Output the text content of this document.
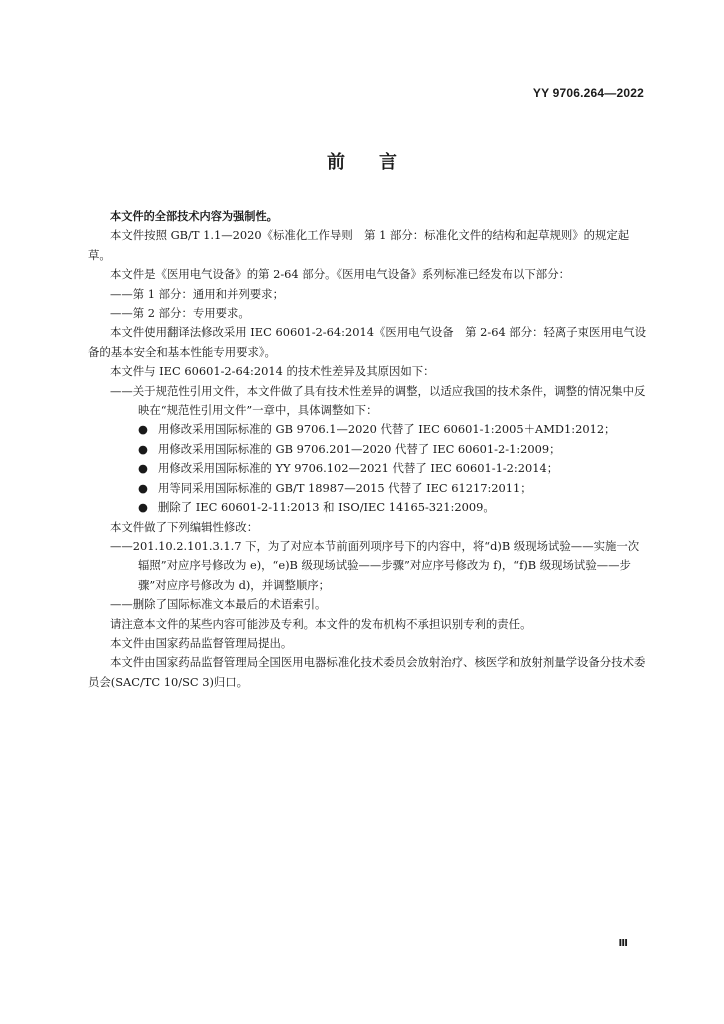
YY 9706.264—2022
前言

本文件的全部技术内容为强制性。

本文件按照 GB/T 1.1—2020《标准化工作导则　第 1 部分：标准化文件的结构和起草规则》的规定起草。

本文件是《医用电气设备》的第 2-64 部分。《医用电气设备》系列标准已经发布以下部分：

——第 1 部分：通用和并列要求；

——第 2 部分：专用要求。

本文件使用翻译法修改采用 IEC 60601-2-64:2014《医用电气设备　第 2-64 部分：轻离子束医用电气设备的基本安全和基本性能专用要求》。

本文件与 IEC 60601-2-64:2014 的技术性差异及其原因如下：

——关于规范性引用文件，本文件做了具有技术性差异的调整，以适应我国的技术条件，调整的情况集中反映在“规范性引用文件”一章中，具体调整如下：

● 用修改采用国际标准的 GB 9706.1—2020 代替了 IEC 60601-1:2005＋AMD1:2012；

● 用修改采用国际标准的 GB 9706.201—2020 代替了 IEC 60601-2-1:2009；

● 用修改采用国际标准的 YY 9706.102—2021 代替了 IEC 60601-1-2:2014；

● 用等同采用国际标准的 GB/T 18987—2015 代替了 IEC 61217:2011；

● 删除了 IEC 60601-2-11:2013 和 ISO/IEC 14165-321:2009。

本文件做了下列编辑性修改：

——201.10.2.101.3.1.7 下，为了对应本节前面列项序号下的内容中，将“d)B 级现场试验——实施一次辐照”对应序号修改为 e)，“e)B 级现场试验——步骤”对应序号修改为 f)，“f)B 级现场试验——步骤”对应序号修改为 d)，并调整顺序；

——删除了国际标准文本最后的术语索引。

请注意本文件的某些内容可能涉及专利。本文件的发布机构不承担识别专利的责任。

本文件由国家药品监督管理局提出。

本文件由国家药品监督管理局全国医用电器标准化技术委员会放射治疗、核医学和放射剂量学设备分技术委员会(SAC/TC 10/SC 3)归口。

Ⅲ
